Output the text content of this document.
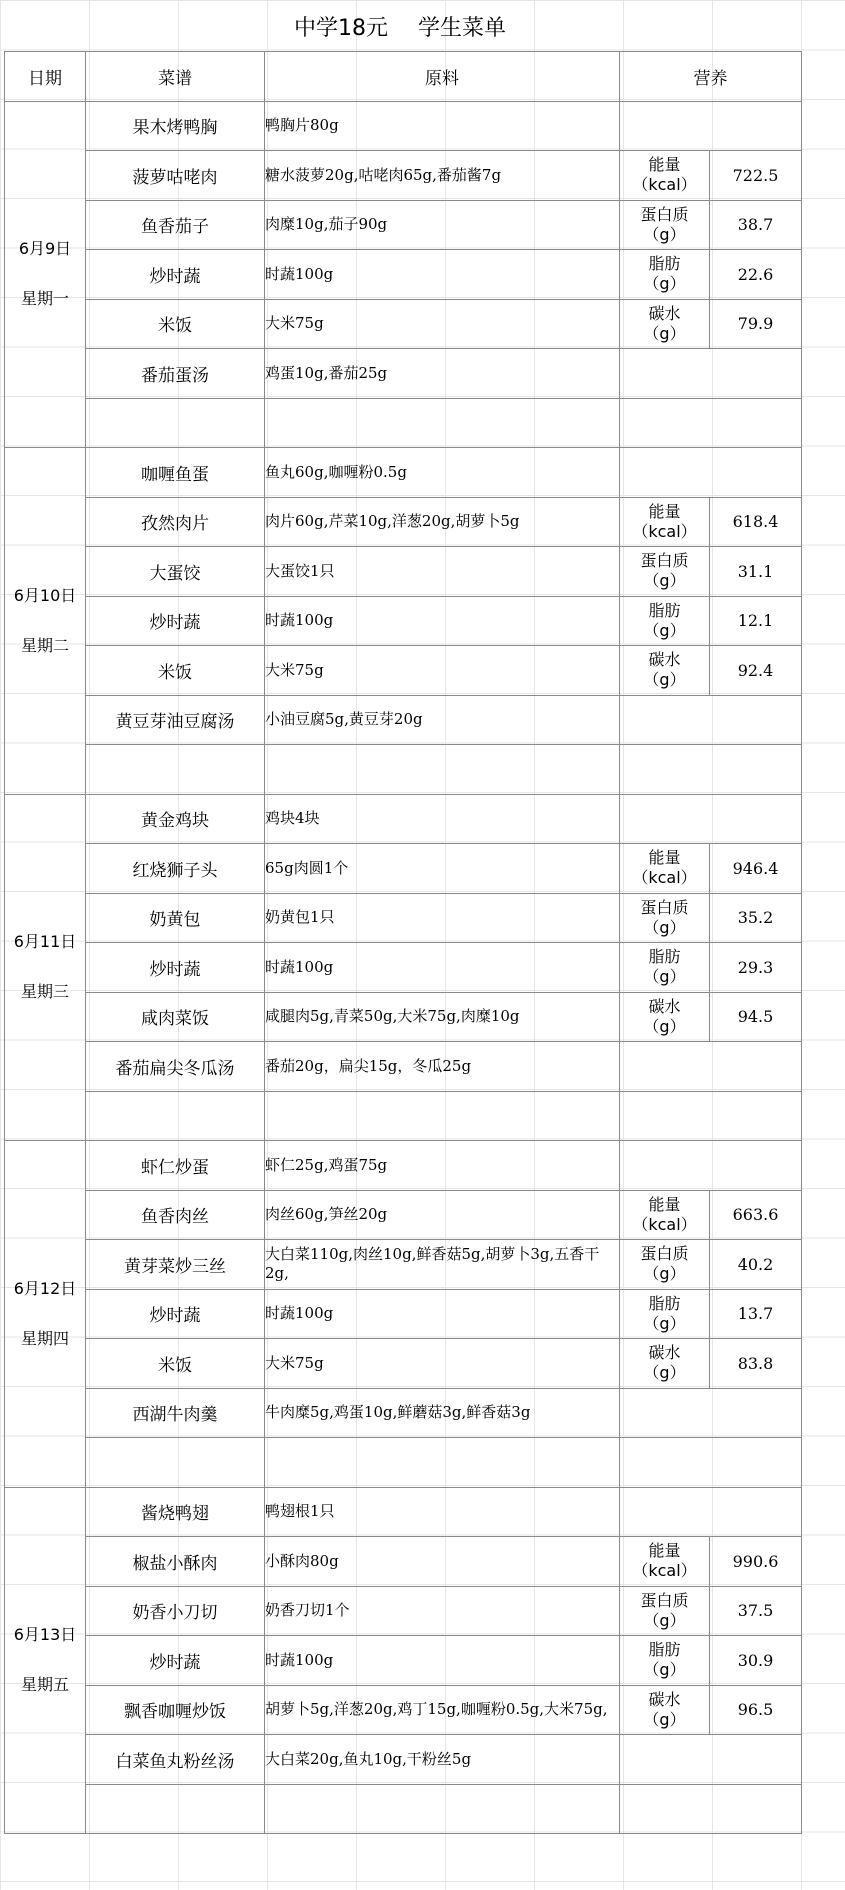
中学18元 学生菜单
日期	菜谱	原料	营养	

6月9日
星期一	果木烤鸭胸	鸭胸片80g		
	菠萝咕咾肉	糖水菠萝20g,咕咾肉65g,番茄酱7g	能量
（kcal）	722.5
	鱼香茄子	肉糜10g,茄子90g	蛋白质
（g）	38.7
	炒时蔬	时蔬100g	脂肪
（g）	22.6
	米饭	大米75g	碳水
（g）	79.9
	番茄蛋汤	鸡蛋10g,番茄25g		

6月10日
星期二	咖喱鱼蛋	鱼丸60g,咖喱粉0.5g		
	孜然肉片	肉片60g,芹菜10g,洋葱20g,胡萝卜5g	能量
（kcal）	618.4
	大蛋饺	大蛋饺1只	蛋白质
（g）	31.1
	炒时蔬	时蔬100g	脂肪
（g）	12.1
	米饭	大米75g	碳水
（g）	92.4
	黄豆芽油豆腐汤	小油豆腐5g,黄豆芽20g		

6月11日
星期三	黄金鸡块	鸡块4块		
	红烧狮子头	65g肉圆1个	能量
（kcal）	946.4
	奶黄包	奶黄包1只	蛋白质
（g）	35.2
	炒时蔬	时蔬100g	脂肪
（g）	29.3
	咸肉菜饭	咸腿肉5g,青菜50g,大米75g,肉糜10g	碳水
（g）	94.5
	番茄扁尖冬瓜汤	番茄20g，扁尖15g，冬瓜25g		

6月12日
星期四	虾仁炒蛋	虾仁25g,鸡蛋75g		
	鱼香肉丝	肉丝60g,笋丝20g	能量
（kcal）	663.6
	黄芽菜炒三丝	大白菜110g,肉丝10g,鲜香菇5g,胡萝卜3g,五香干2g,	蛋白质
（g）	40.2
	炒时蔬	时蔬100g	脂肪
（g）	13.7
	米饭	大米75g	碳水
（g）	83.8
	西湖牛肉羹	牛肉糜5g,鸡蛋10g,鲜蘑菇3g,鲜香菇3g		

6月13日
星期五	酱烧鸭翅	鸭翅根1只		
	椒盐小酥肉	小酥肉80g	能量
（kcal）	990.6
	奶香小刀切	奶香刀切1个	蛋白质
（g）	37.5
	炒时蔬	时蔬100g	脂肪
（g）	30.9
	飘香咖喱炒饭	胡萝卜5g,洋葱20g,鸡丁15g,咖喱粉0.5g,大米75g,	碳水
（g）	96.5
	白菜鱼丸粉丝汤	大白菜20g,鱼丸10g,干粉丝5g		
